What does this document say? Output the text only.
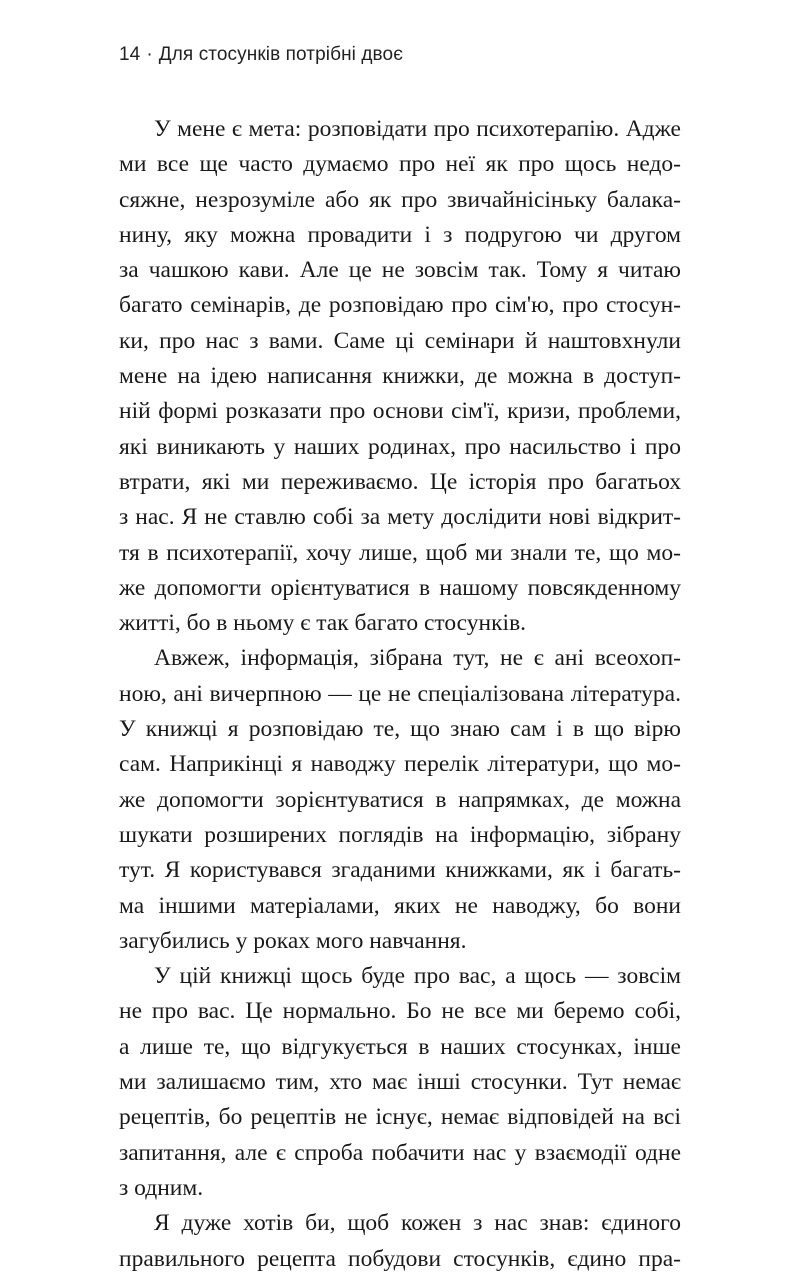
14 · Для стосунків потрібні двоє
У мене є мета: розповідати про психотерапію. Адже
ми все ще часто думаємо про неї як про щось недо-
сяжне, незрозуміле або як про звичайнісіньку балака-
нину, яку можна провадити і з подругою чи другом
за чашкою кави. Але це не зовсім так. Тому я читаю
багато семінарів, де розповідаю про сім'ю, про стосун-
ки, про нас з вами. Саме ці семінари й наштовхнули
мене на ідею написання книжки, де можна в доступ-
ній формі розказати про основи сім'ї, кризи, проблеми,
які виникають у наших родинах, про насильство і про
втрати, які ми переживаємо. Це історія про багатьох
з нас. Я не ставлю собі за мету дослідити нові відкрит-
тя в психотерапії, хочу лише, щоб ми знали те, що мо-
же допомогти орієнтуватися в нашому повсякденному
житті, бо в ньому є так багато стосунків.
Авжеж, інформація, зібрана тут, не є ані всеохоп-
ною, ані вичерпною — це не спеціалізована література.
У книжці я розповідаю те, що знаю сам і в що вірю
сам. Наприкінці я наводжу перелік літератури, що мо-
же допомогти зорієнтуватися в напрямках, де можна
шукати розширених поглядів на інформацію, зібрану
тут. Я користувався згаданими книжками, як і багать-
ма іншими матеріалами, яких не наводжу, бо вони
загубились у роках мого навчання.
У цій книжці щось буде про вас, а щось — зовсім
не про вас. Це нормально. Бо не все ми беремо собі,
а лише те, що відгукується в наших стосунках, інше
ми залишаємо тим, хто має інші стосунки. Тут немає
рецептів, бо рецептів не існує, немає відповідей на всі
запитання, але є спроба побачити нас у взаємодії одне
з одним.
Я дуже хотів би, щоб кожен з нас знав: єдиного
правильного рецепта побудови стосунків, єдино пра-
